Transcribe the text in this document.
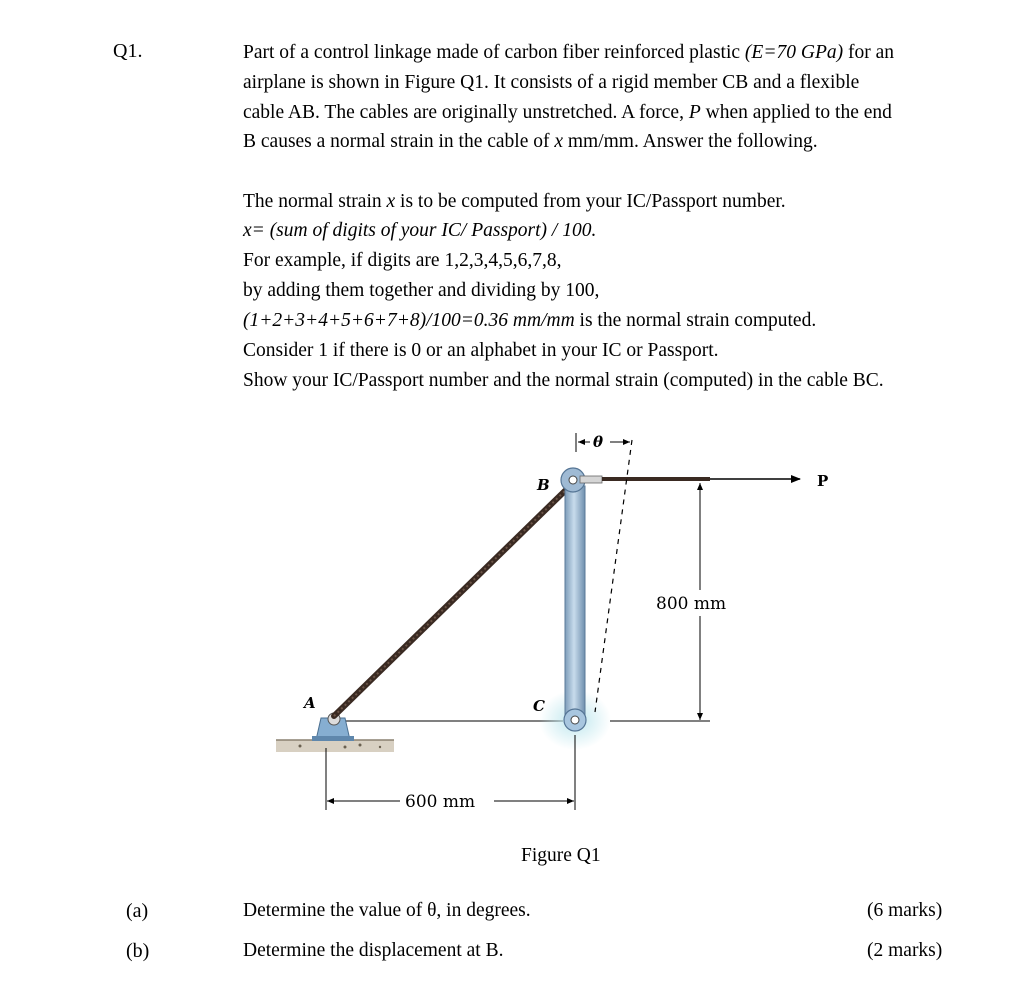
Q1.	Part of a control linkage made of carbon fiber reinforced plastic (E=70 GPa) for an
airplane is shown in Figure Q1. It consists of a rigid member CB and a flexible
cable AB. The cables are originally unstretched. A force, P when applied to the end
B causes a normal strain in the cable of x mm/mm. Answer the following.
The normal strain x is to be computed from your IC/Passport number.
x= (sum of digits of your IC/ Passport) / 100.
For example, if digits are 1,2,3,4,5,6,7,8,
by adding them together and dividing by 100,
(1+2+3+4+5+6+7+8)/100=0.36 mm/mm is the normal strain computed.
Consider 1 if there is 0 or an alphabet in your IC or Passport.
Show your IC/Passport number and the normal strain (computed) in the cable BC.
A
B
C
P
θ
800 mm
600 mm
Figure Q1
(a)	Determine the value of θ, in degrees.	(6 marks)
(b)	Determine the displacement at B.	(2 marks)
